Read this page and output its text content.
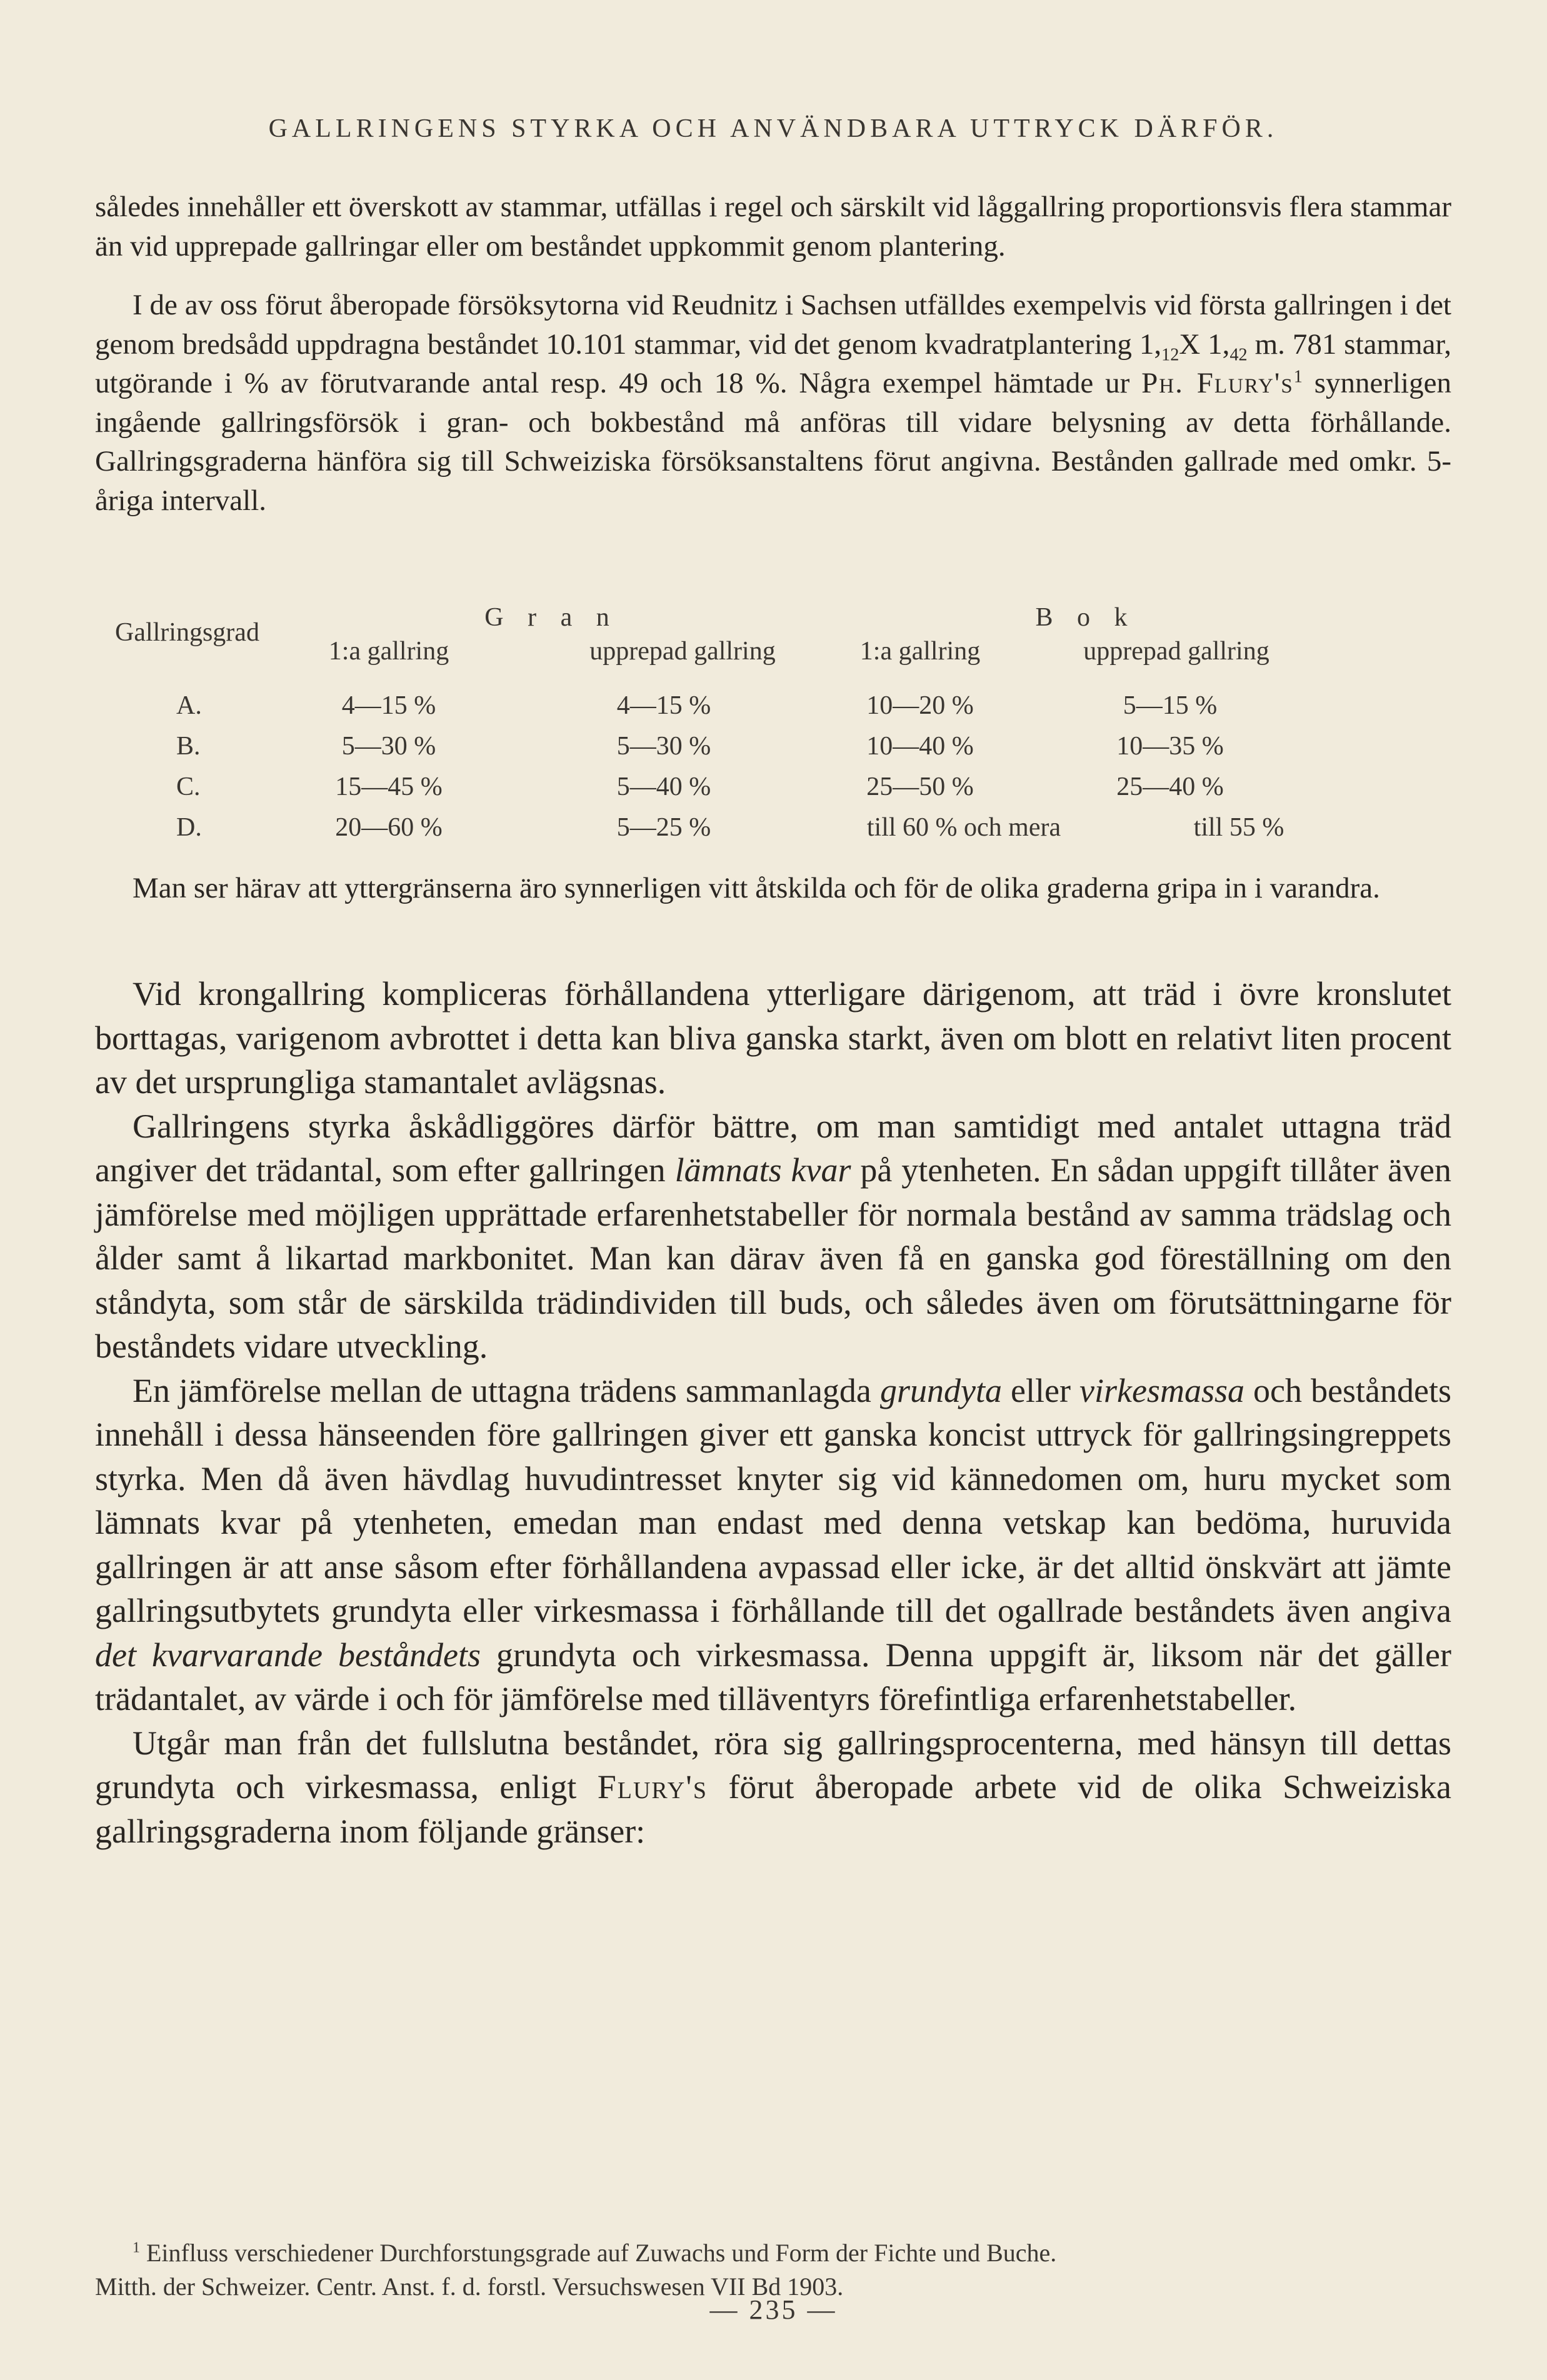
GALLRINGENS STYRKA OCH ANVÄNDBARA UTTRYCK DÄRFÖR.

således innehåller ett överskott av stammar, utfällas i regel och särskilt vid låggallring proportionsvis flera stammar än vid upprepade gallringar eller om beståndet uppkommit genom plantering.

I de av oss förut åberopade försöksytorna vid Reudnitz i Sachsen utfälldes exempelvis vid första gallringen i det genom bredsådd uppdragna beståndet 10.101 stammar, vid det genom kvadratplantering $1,_{12}X$ $1,_{42}$ m. 781 stammar, utgörande i % av förutvarande antal resp. 49 och 18 %. Några exempel hämtade ur Ph. $Flury's^1$ synnerligen ingående gallringsförsök i gran- och bokbestånd må anföras till vidare belysning av detta förhållande. Gallringsgraderna hänföra sig till Schweiziska försöksanstaltens förut angivna. Bestånden gallrade med omkr. 5-åriga intervall.

Gallringsgrad
G r a n	B o k
1:a gallring	upprepad gallring	1:a gallring	upprepad gallring
A.	4—15 %	4—15 %	10—20 %	5—15 %
B.	5—30 %	5—30 %	10—40 %	10—35 %
C.	15—45 %	5—40 %	25—50 %	25—40 %
D.	20—60 %	5—25 %	till 60 % och mera	till 55 %

Man ser härav att yttergränserna äro synnerligen vitt åtskilda och för de olika graderna gripa in i varandra.

Vid krongallring kompliceras förhållandena ytterligare därigenom, att träd i övre kronslutet borttagas, varigenom avbrottet i detta kan bliva ganska starkt, även om blott en relativt liten procent av det ursprungliga stamantalet avlägsnas.

Gallringens styrka åskådliggöres därför bättre, om man samtidigt med antalet uttagna träd angiver det trädantal, som efter gallringen lämnats kvar på ytenheten. En sådan uppgift tillåter även jämförelse med möjligen upprättade erfarenhetstabeller för normala bestånd av samma trädslag och ålder samt å likartad markbonitet. Man kan därav även få en ganska god föreställning om den ståndyta, som står de särskilda trädindividen till buds, och således även om förutsättningarne för beståndets vidare utveckling.

En jämförelse mellan de uttagna trädens sammanlagda grundyta eller virkesmassa och beståndets innehåll i dessa hänseenden före gallringen giver ett ganska koncist uttryck för gallringsingreppets styrka. Men då även hävdlag huvudintresset knyter sig vid kännedomen om, huru mycket som lämnats kvar på ytenheten, emedan man endast med denna vetskap kan bedöma, huruvida gallringen är att anse såsom efter förhållandena avpassad eller icke, är det alltid önskvärt att jämte gallringsutbytets grundyta eller virkesmassa i förhållande till det ogallrade beståndets även angiva det kvarvarande beståndets grundyta och virkesmassa. Denna uppgift är, liksom när det gäller trädantalet, av värde i och för jämförelse med tilläventyrs förefintliga erfarenhetstabeller.

Utgår man från det fullslutna beståndet, röra sig gallringsprocenterna, med hänsyn till dettas grundyta och virkesmassa, enligt Flury's förut åberopade arbete vid de olika Schweiziska gallringsgraderna inom följande gränser:

$^1$ Einfluss verschiedener Durchforstungsgrade auf Zuwachs und Form der Fichte und Buche.

Mitth. der Schweizer. Centr. Anst. f. d. forstl. Versuchswesen VII Bd 1903.

— 235 —
